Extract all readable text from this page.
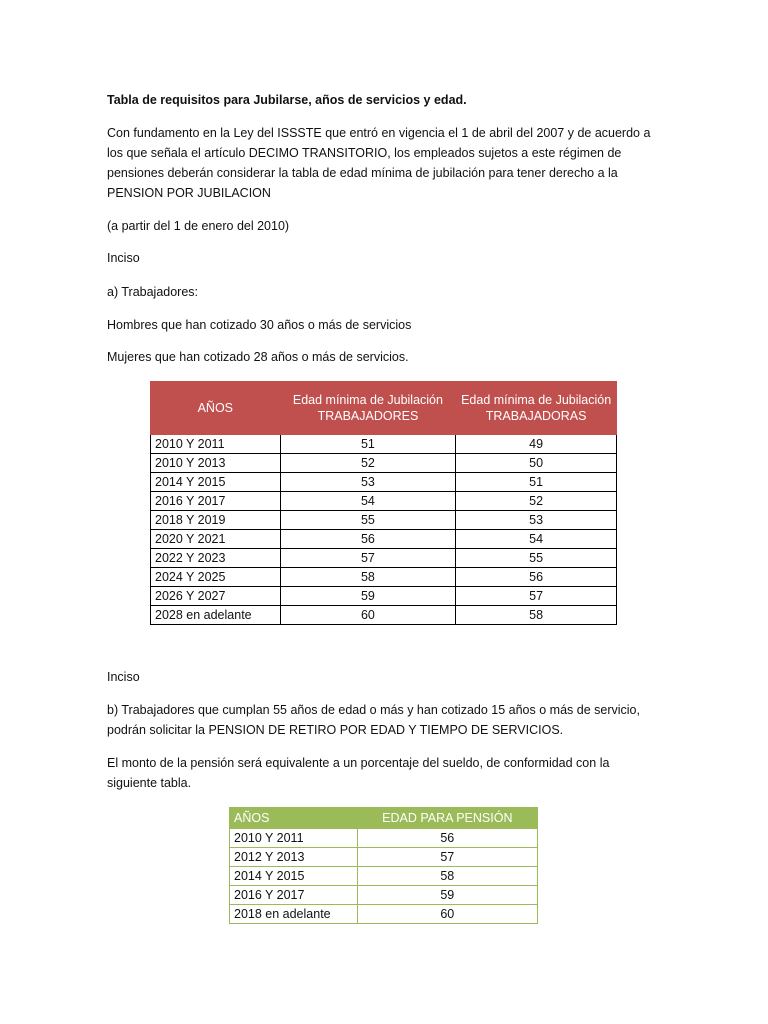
Tabla de requisitos para Jubilarse, años de servicios y edad.

Con fundamento en la Ley del ISSSTE que entró en vigencia el 1 de abril del 2007 y de acuerdo a los que señala el artículo DECIMO TRANSITORIO, los empleados sujetos a este régimen de pensiones deberán considerar la tabla de edad mínima de jubilación para tener derecho a la PENSION POR JUBILACION

(a partir del 1 de enero del 2010)

Inciso

a) Trabajadores:

Hombres que han cotizado 30 años o más de servicios

Mujeres que han cotizado 28 años o más de servicios.

AÑOS	Edad mínima de Jubilación TRABAJADORES	Edad mínima de Jubilación TRABAJADORAS
2010 Y 2011	51	49
2010 Y 2013	52	50
2014 Y 2015	53	51
2016 Y 2017	54	52
2018 Y 2019	55	53
2020 Y 2021	56	54
2022 Y 2023	57	55
2024 Y 2025	58	56
2026 Y 2027	59	57
2028 en adelante	60	58

Inciso

b) Trabajadores que cumplan 55 años de edad o más y han cotizado 15 años o más de servicio, podrán solicitar la PENSION DE RETIRO POR EDAD Y TIEMPO DE SERVICIOS.

El monto de la pensión será equivalente a un porcentaje del sueldo, de conformidad con la siguiente tabla.

AÑOS	EDAD PARA PENSIÓN
2010 Y 2011	56
2012 Y 2013	57
2014 Y 2015	58
2016 Y 2017	59
2018 en adelante	60
